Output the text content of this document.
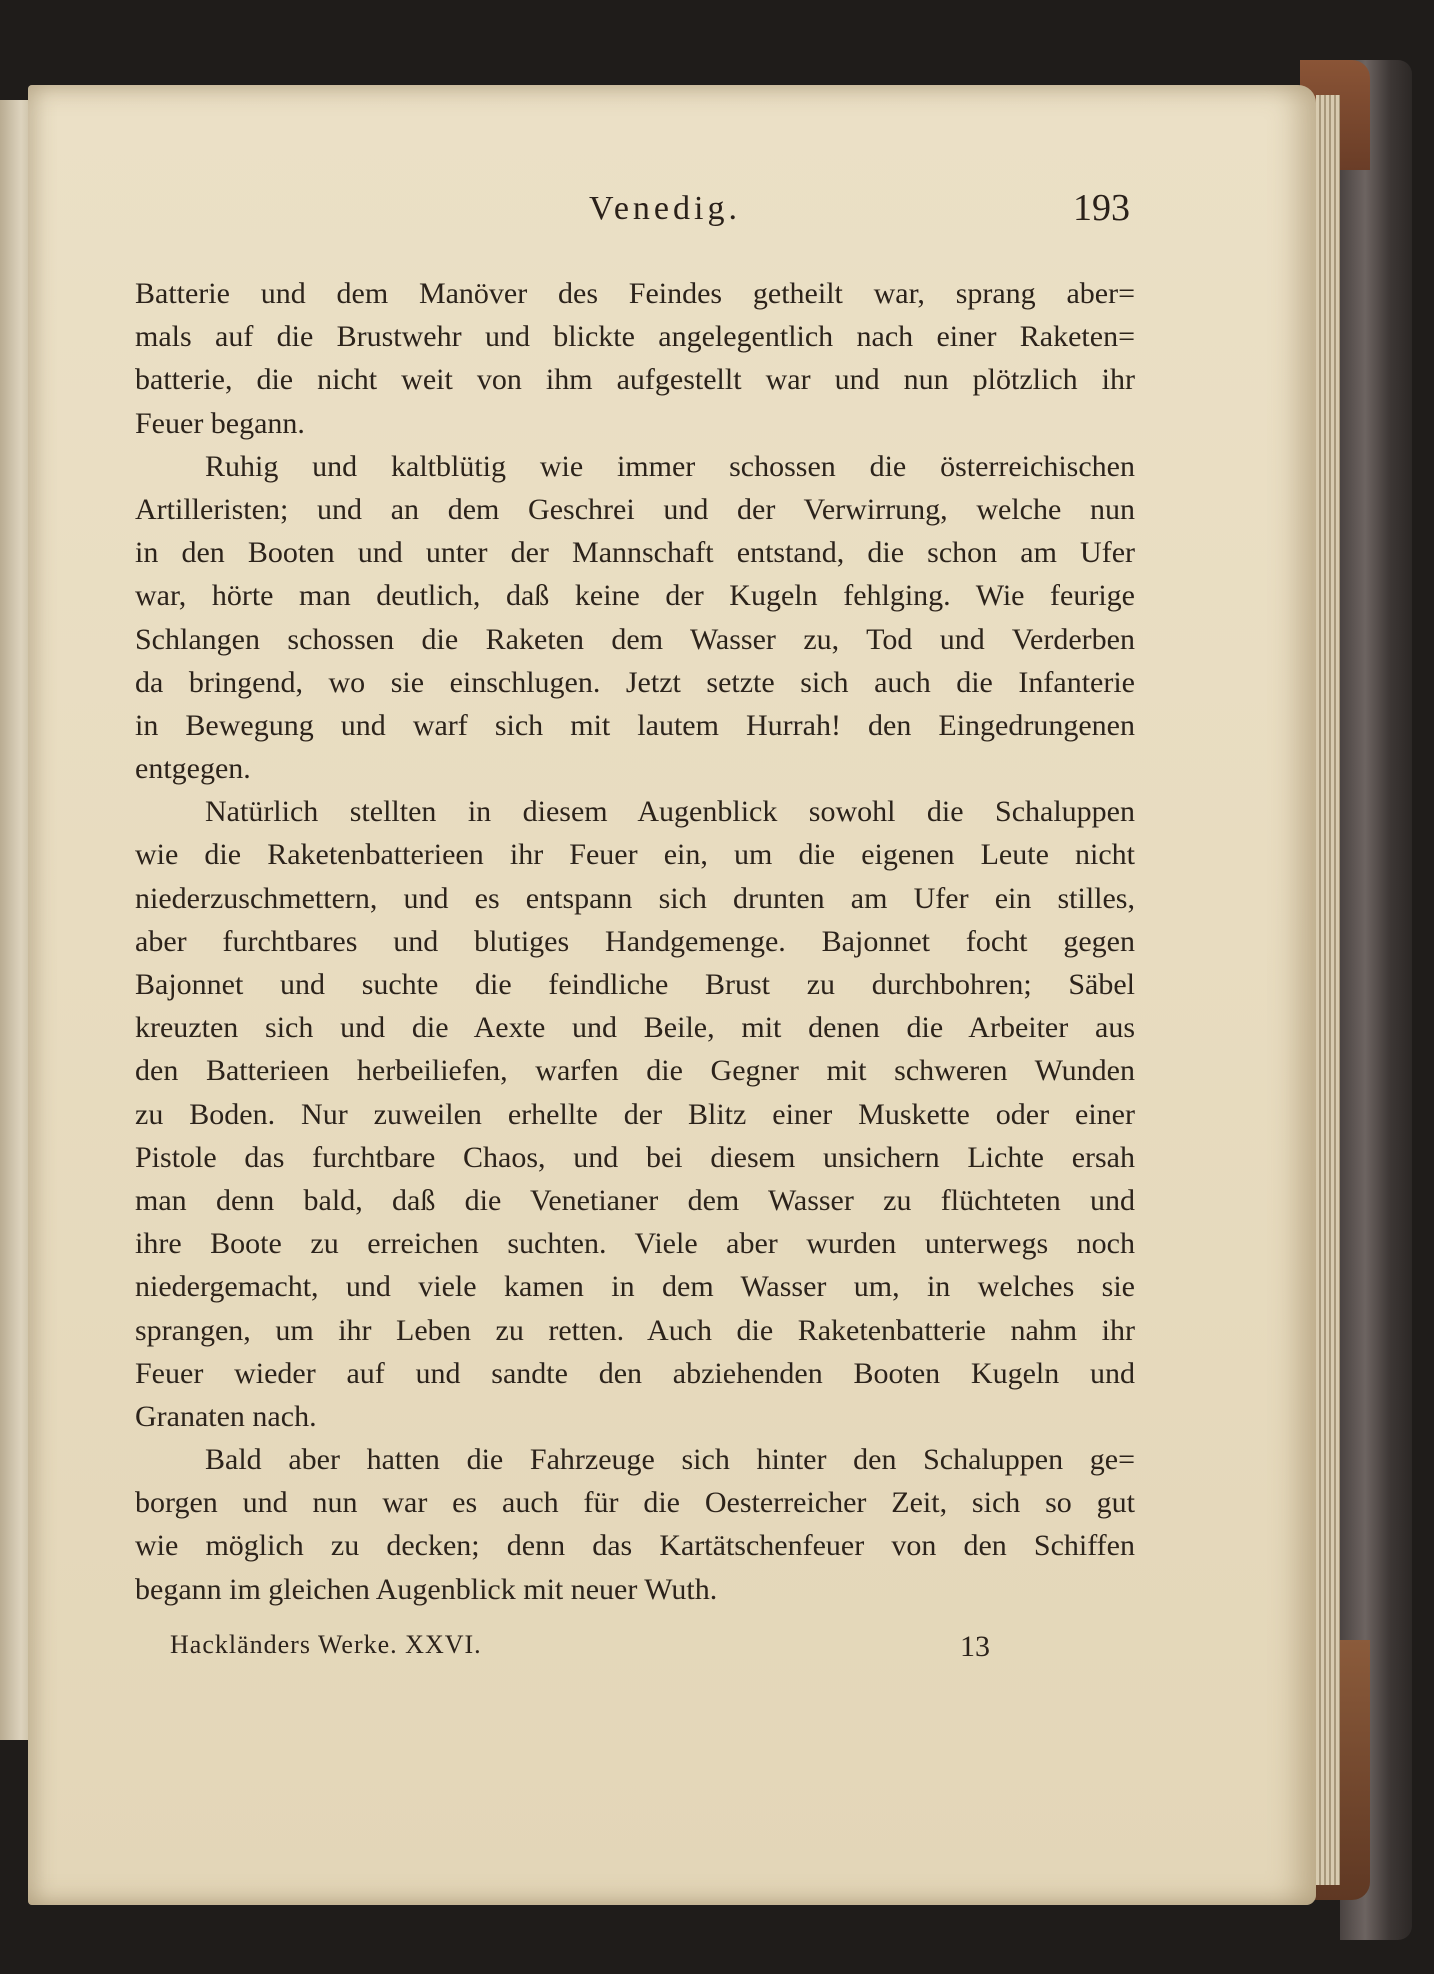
Venedig.	193
Batterie und dem Manöver des Feindes getheilt war, sprang aber=
mals auf die Brustwehr und blickte angelegentlich nach einer Raketen=
batterie, die nicht weit von ihm aufgestellt war und nun plötzlich ihr
Feuer begann.
Ruhig und kaltblütig wie immer schossen die österreichischen
Artilleristen; und an dem Geschrei und der Verwirrung, welche nun
in den Booten und unter der Mannschaft entstand, die schon am Ufer
war, hörte man deutlich, daß keine der Kugeln fehlging. Wie feurige
Schlangen schossen die Raketen dem Wasser zu, Tod und Verderben
da bringend, wo sie einschlugen. Jetzt setzte sich auch die Infanterie
in Bewegung und warf sich mit lautem Hurrah! den Eingedrungenen
entgegen.
Natürlich stellten in diesem Augenblick sowohl die Schaluppen
wie die Raketenbatterieen ihr Feuer ein, um die eigenen Leute nicht
niederzuschmettern, und es entspann sich drunten am Ufer ein stilles,
aber furchtbares und blutiges Handgemenge. Bajonnet focht gegen
Bajonnet und suchte die feindliche Brust zu durchbohren; Säbel
kreuzten sich und die Aexte und Beile, mit denen die Arbeiter aus
den Batterieen herbeiliefen, warfen die Gegner mit schweren Wunden
zu Boden. Nur zuweilen erhellte der Blitz einer Muskette oder einer
Pistole das furchtbare Chaos, und bei diesem unsichern Lichte ersah
man denn bald, daß die Venetianer dem Wasser zu flüchteten und
ihre Boote zu erreichen suchten. Viele aber wurden unterwegs noch
niedergemacht, und viele kamen in dem Wasser um, in welches sie
sprangen, um ihr Leben zu retten. Auch die Raketenbatterie nahm ihr
Feuer wieder auf und sandte den abziehenden Booten Kugeln und
Granaten nach.
Bald aber hatten die Fahrzeuge sich hinter den Schaluppen ge=
borgen und nun war es auch für die Oesterreicher Zeit, sich so gut
wie möglich zu decken; denn das Kartätschenfeuer von den Schiffen
begann im gleichen Augenblick mit neuer Wuth.
Hackländers Werke. XXVI.	13
